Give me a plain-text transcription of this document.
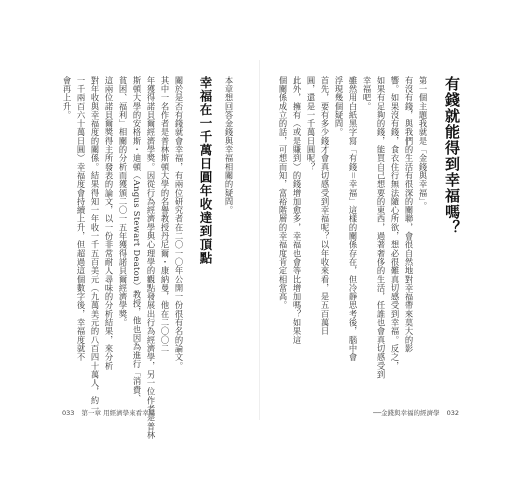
有錢就能得到幸福嗎？
第一個主題我就是「金錢與幸福」。
有沒有錢，與我們的生活有很深的關聯，會很自然地對幸福帶來莫大的影
響。如果沒有錢，食衣住行無法隨心所欲，想必很難真切感受到幸福。反之，
如果有足夠的錢，能買自己想要的東西，過著奢侈的生活，任誰也會真切感受到
幸福吧。
雖然用白紙黑字寫「有錢＝幸福」這樣的關係存在，但冷靜思考後，腦中會
浮現幾個疑問。
首先，要有多少錢才會真切感受到幸福呢？以年收來看，是五百萬日
圓，還是一千萬日圓呢？
此外，擁有（或是賺到）的錢增加愈多，幸福也會等比增加嗎？如果這
個關係成立的話，可想而知，富裕階層的幸福度肯定相當高。
本章想回答金錢與幸福相關的疑問。
幸福在一千萬日圓年收達到頂點
關於是否有錢就會幸福，有兩位研究者在二〇一〇年公開一份很有名的論文。
其中一名作者是普林斯頓大學的名譽教授丹尼爾・康納曼，他在二〇〇二
年獲得諾貝爾經濟學獎。因從行為經濟學與心理學的觀點發展出行為經濟學，另一位作者是普林
斯頓大學的安格斯・迪頓（Angus Stewart Deaton）教授，他也因為進行「消費、
貧困、福利」相關的分析而獲頒二〇一五年獲得諾貝爾經濟學獎。
這兩位諾貝爾獎得主所發表的論文，以一份非常耐人尋味的分析結果，來分析
對年收與幸福度的關係。結果得知一年收一千五百美元（九萬美元的八百四十萬人，約一
一千兩百六十萬日圓）幸福度會持續上升，但超過這個數字後，幸福度就不
會再上升。
033 第一章 用經濟學來看幸福	──金錢與幸福的經濟學 032
